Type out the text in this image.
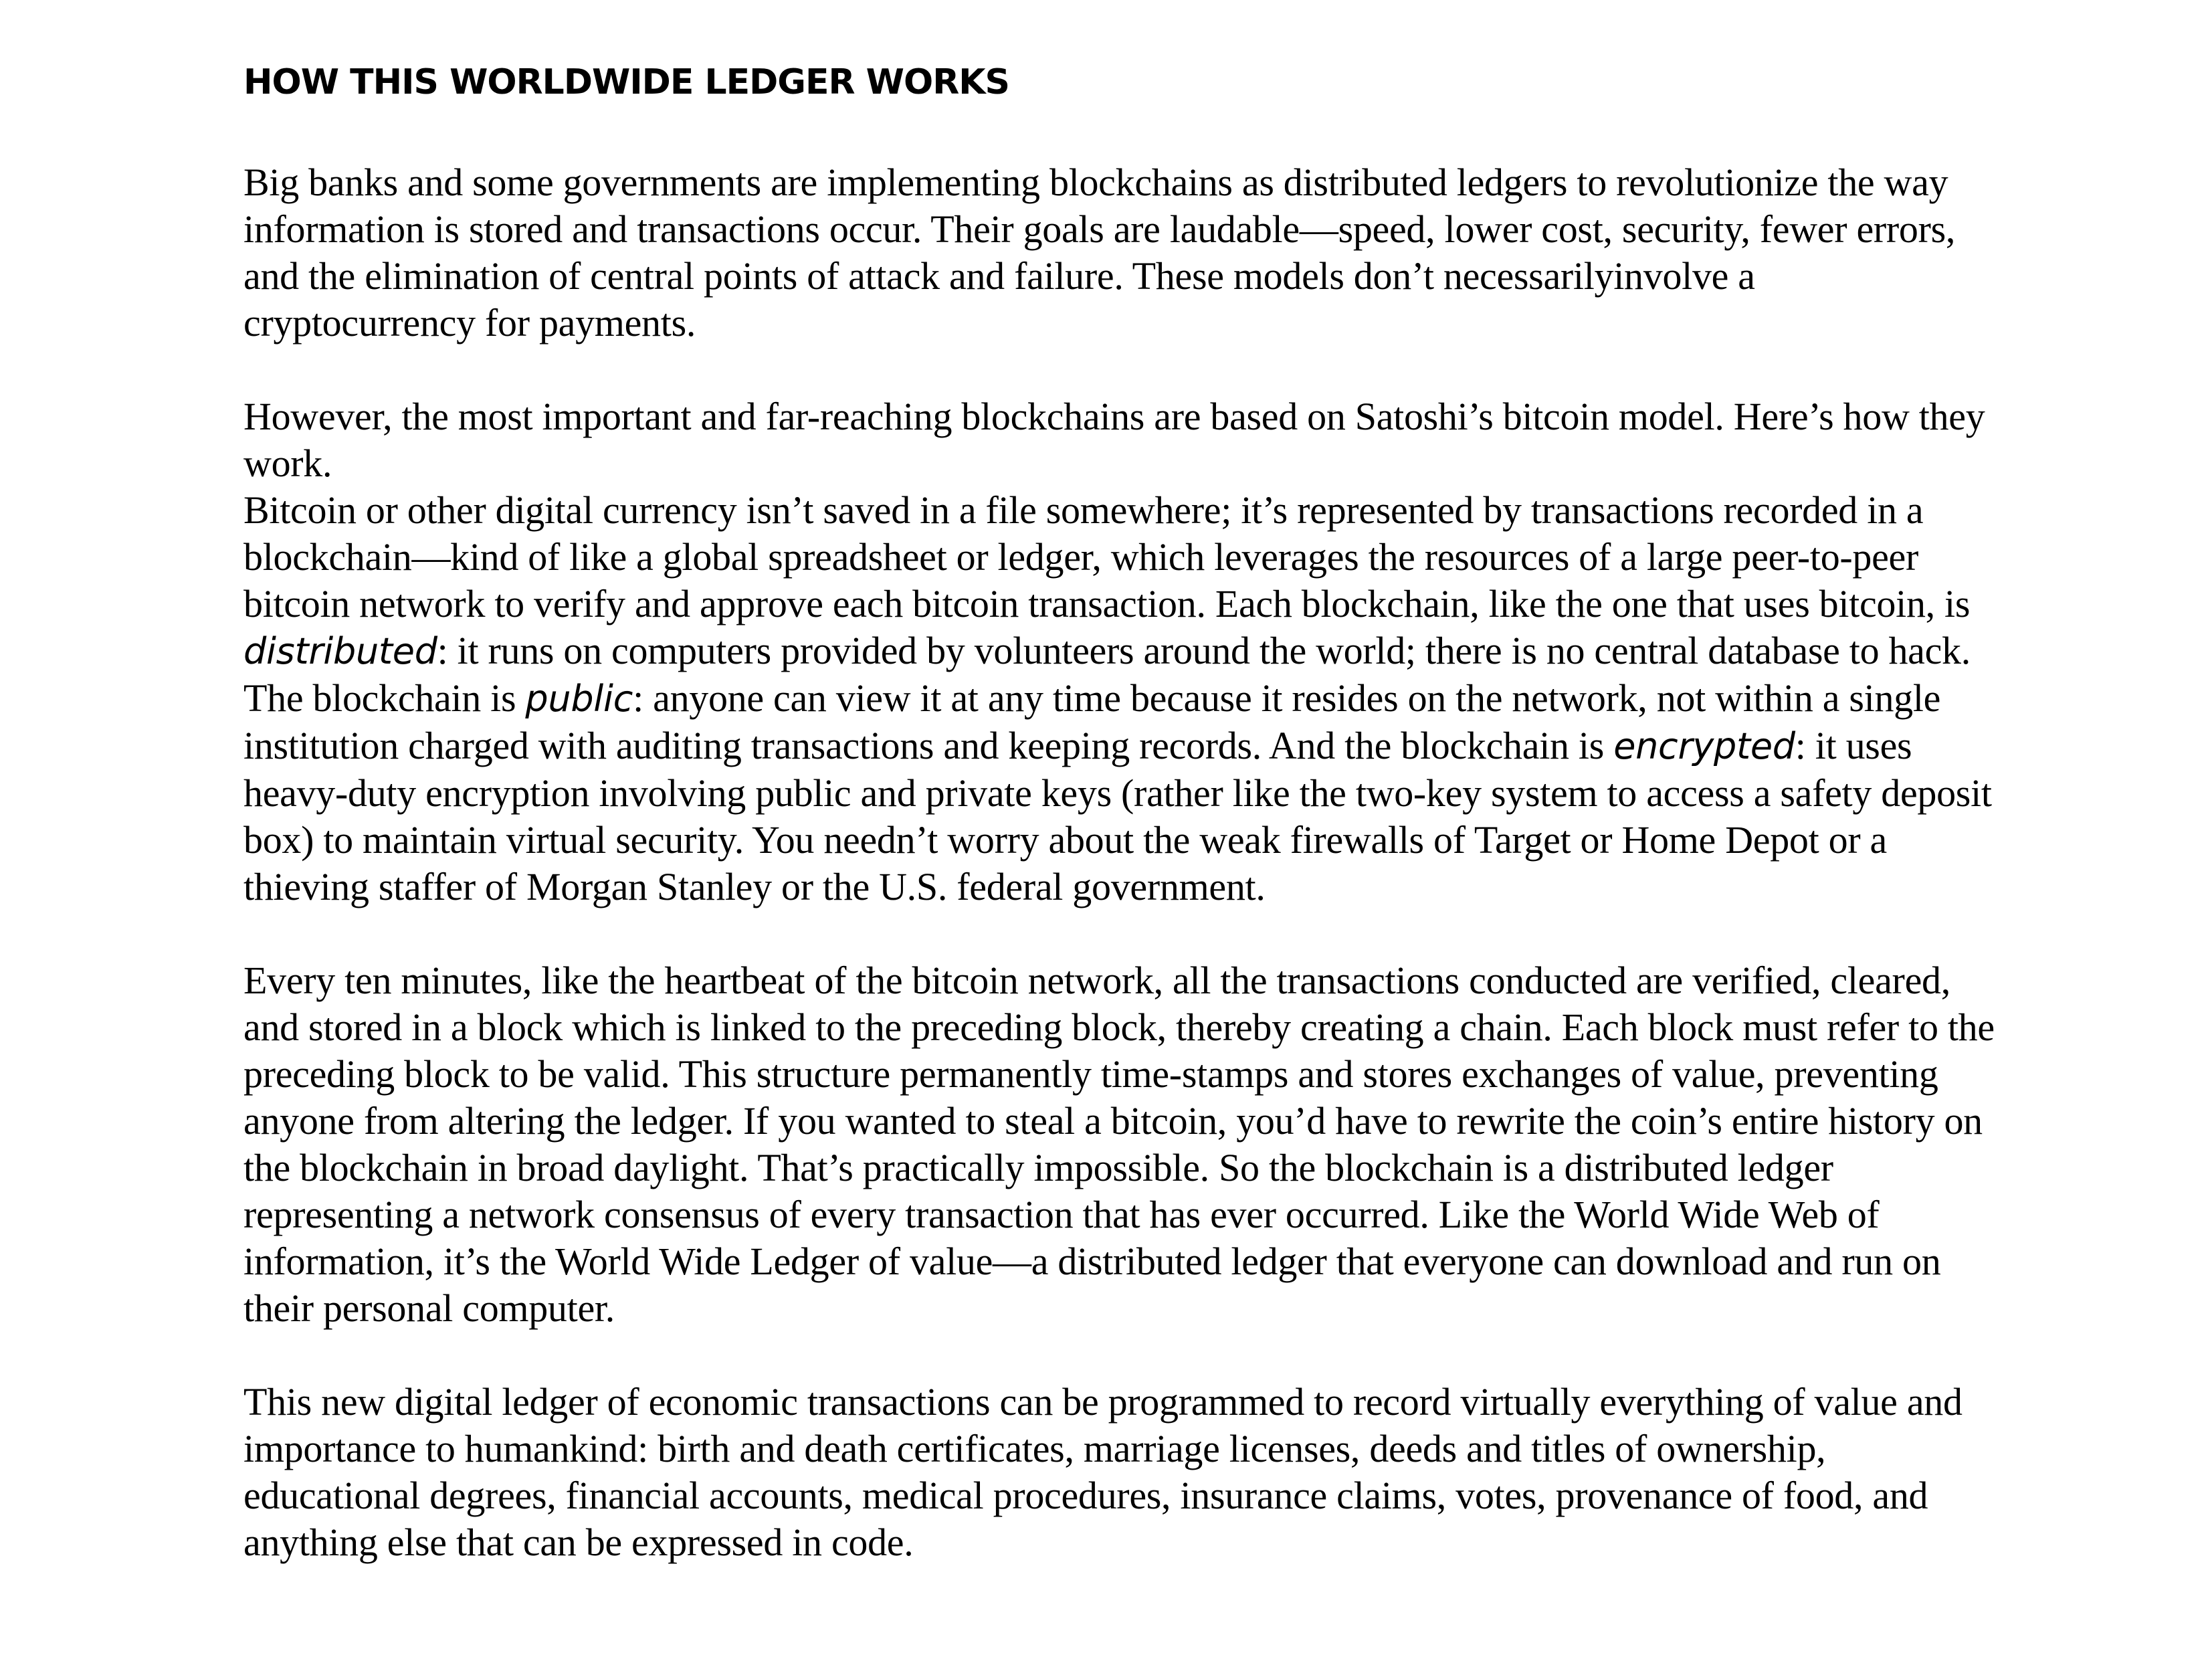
HOW THIS WORLDWIDE LEDGER WORKS

Big banks and some governments are implementing blockchains as distributed ledgers to revolutionize the way information is stored and transactions occur. Their goals are laudable—speed, lower cost, security, fewer errors, and the elimination of central points of attack and failure. These models don’t necessarilyinvolve a cryptocurrency for payments.

However, the most important and far-reaching blockchains are based on Satoshi’s bitcoin model. Here’s how they work.

Bitcoin or other digital currency isn’t saved in a file somewhere; it’s represented by transactions recorded in a blockchain—kind of like a global spreadsheet or ledger, which leverages the resources of a large peer-to-peer bitcoin network to verify and approve each bitcoin transaction. Each blockchain, like the one that uses bitcoin, is distributed: it runs on computers provided by volunteers around the world; there is no central database to hack. The blockchain is public: anyone can view it at any time because it resides on the network, not within a single institution charged with auditing transactions and keeping records. And the blockchain is encrypted: it uses heavy-duty encryption involving public and private keys (rather like the two-key system to access a safety deposit box) to maintain virtual security. You needn’t worry about the weak firewalls of Target or Home Depot or a thieving staffer of Morgan Stanley or the U.S. federal government.

Every ten minutes, like the heartbeat of the bitcoin network, all the transactions conducted are verified, cleared, and stored in a block which is linked to the preceding block, thereby creating a chain. Each block must refer to the preceding block to be valid. This structure permanently time-stamps and stores exchanges of value, preventing anyone from altering the ledger. If you wanted to steal a bitcoin, you’d have to rewrite the coin’s entire history on the blockchain in broad daylight. That’s practically impossible. So the blockchain is a distributed ledger representing a network consensus of every transaction that has ever occurred. Like the World Wide Web of information, it’s the World Wide Ledger of value—a distributed ledger that everyone can download and run on their personal computer.

This new digital ledger of economic transactions can be programmed to record virtually everything of value and importance to humankind: birth and death certificates, marriage licenses, deeds and titles of ownership, educational degrees, financial accounts, medical procedures, insurance claims, votes, provenance of food, and anything else that can be expressed in code.
